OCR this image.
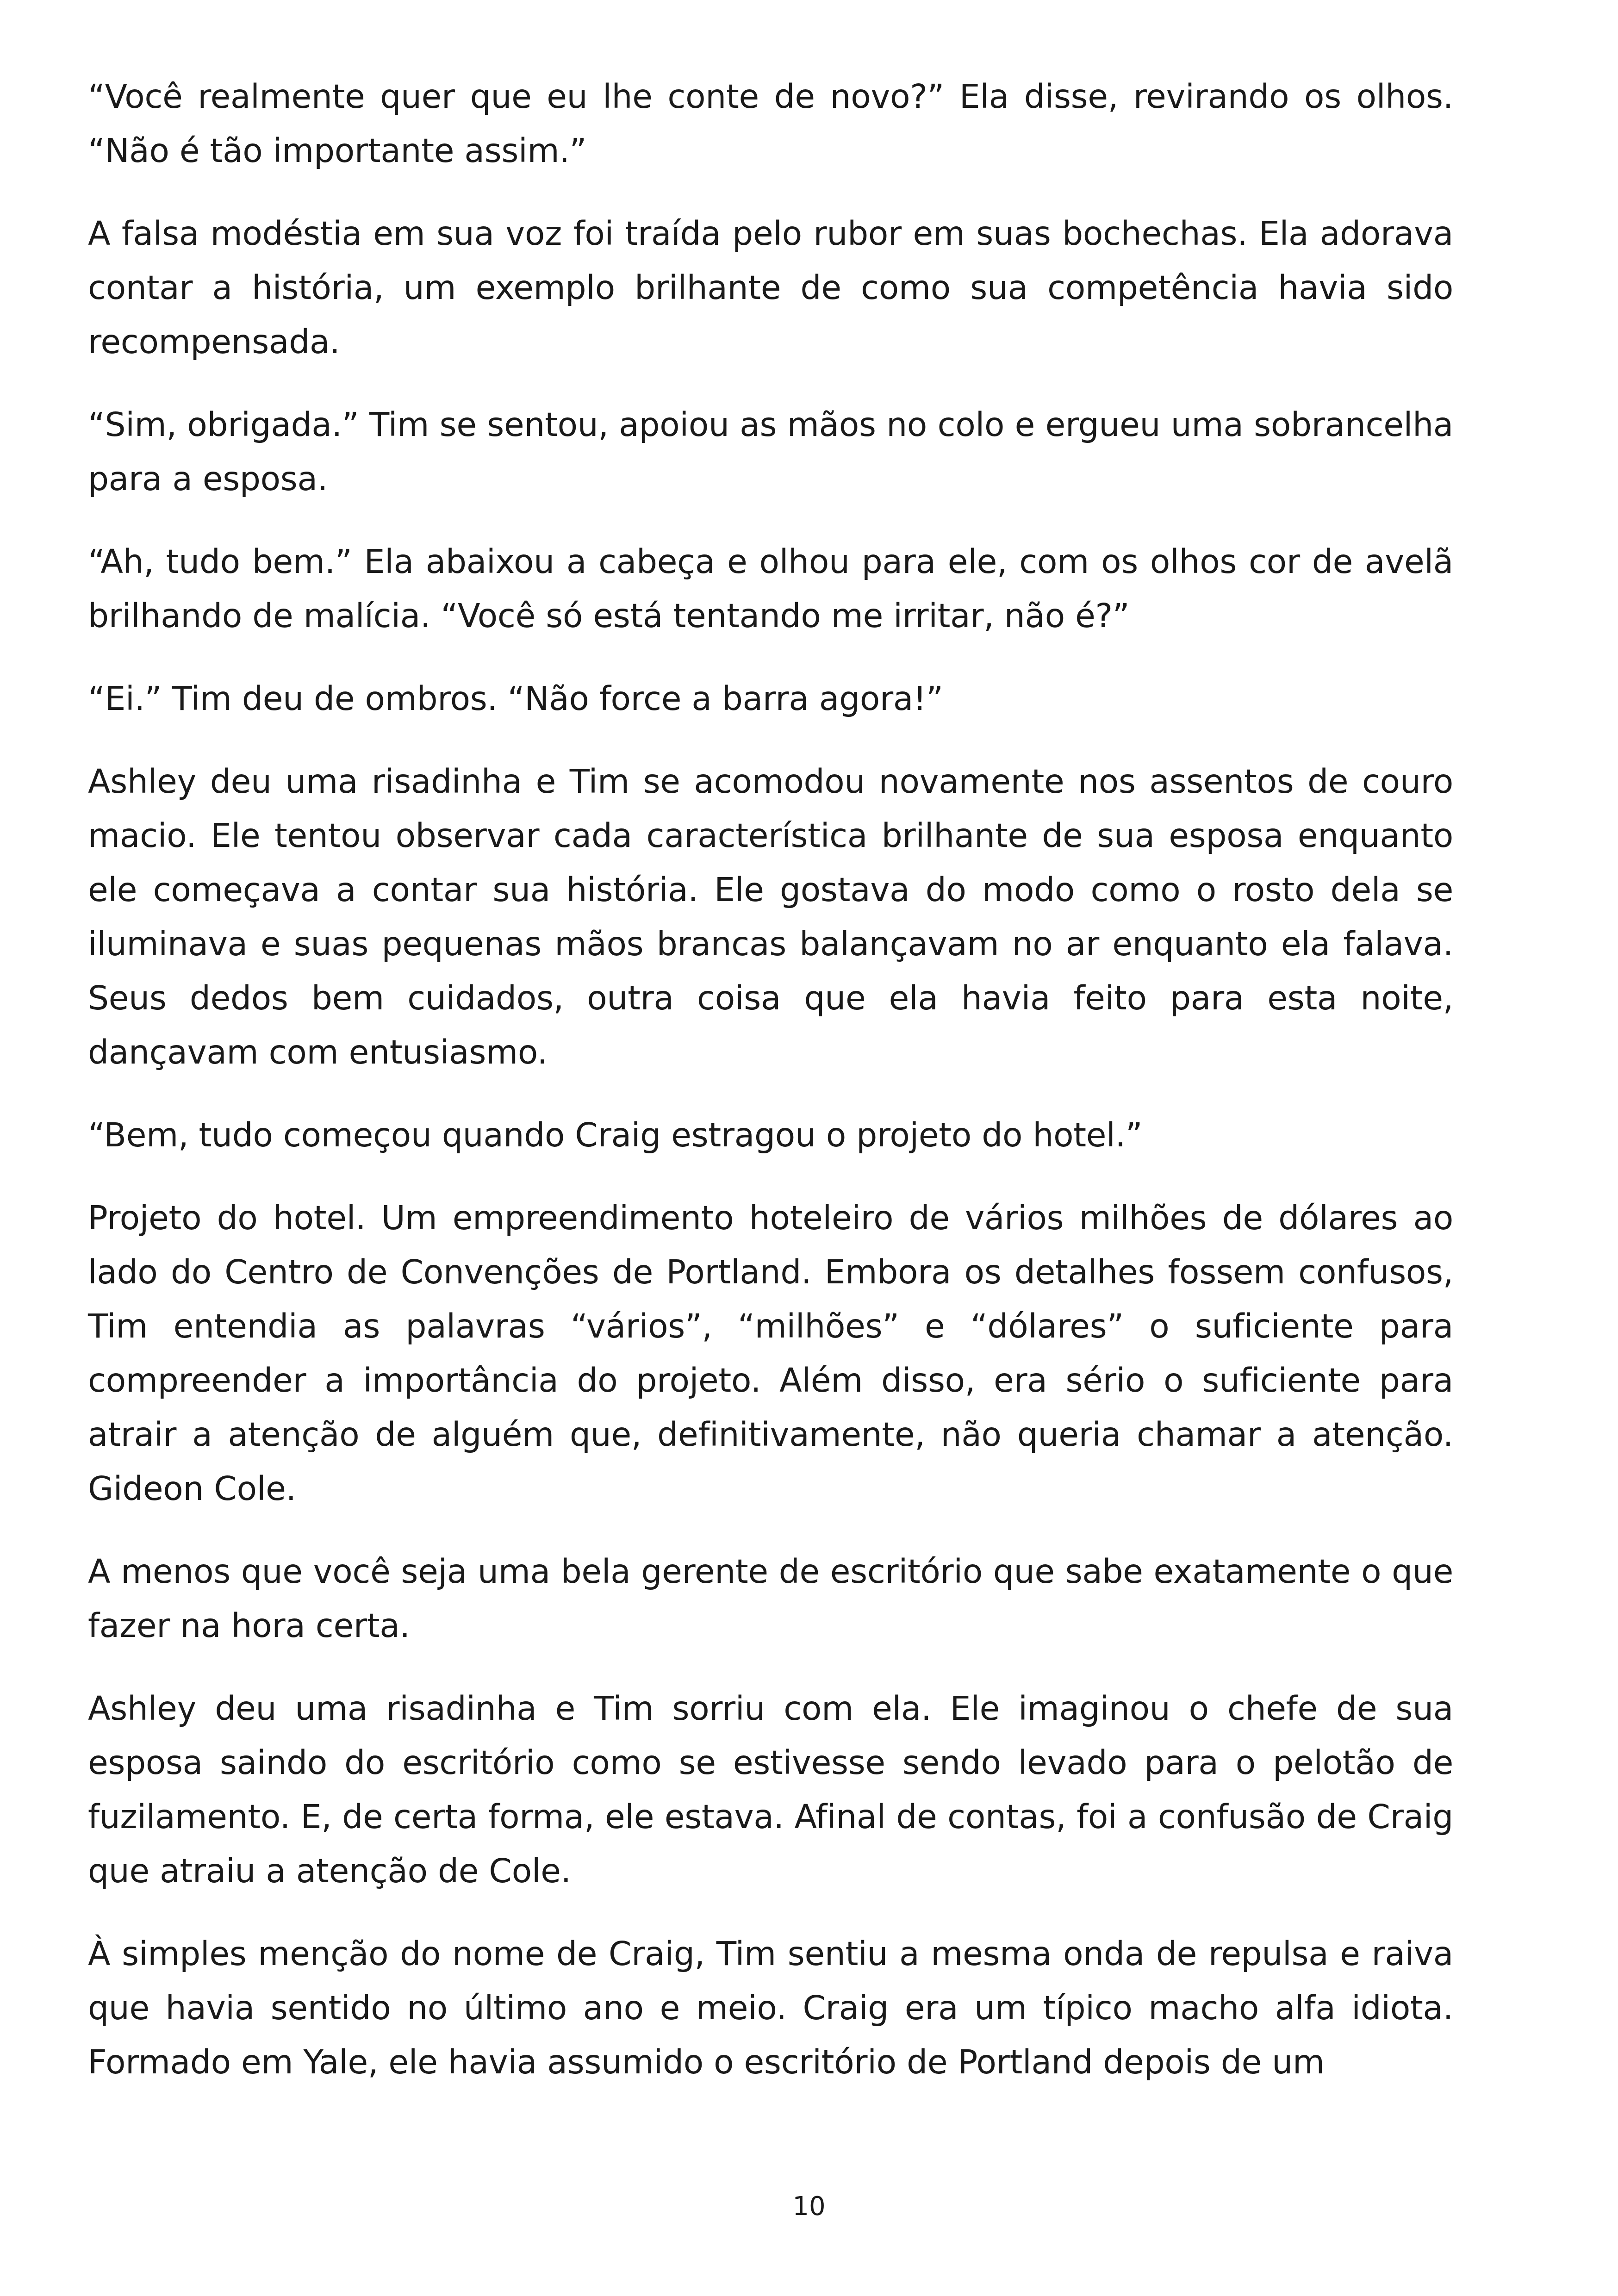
“Você realmente quer que eu lhe conte de novo?” Ela disse, revirando os olhos. “Não é tão importante assim.”

A falsa modéstia em sua voz foi traída pelo rubor em suas bochechas. Ela adorava contar a história, um exemplo brilhante de como sua competência havia sido recompensada.

“Sim, obrigada.” Tim se sentou, apoiou as mãos no colo e ergueu uma sobrancelha para a esposa.

“Ah, tudo bem.” Ela abaixou a cabeça e olhou para ele, com os olhos cor de avelã brilhando de malícia. “Você só está tentando me irritar, não é?”

“Ei.” Tim deu de ombros. “Não force a barra agora!”

Ashley deu uma risadinha e Tim se acomodou novamente nos assentos de couro macio. Ele tentou observar cada característica brilhante de sua esposa enquanto ele começava a contar sua história. Ele gostava do modo como o rosto dela se iluminava e suas pequenas mãos brancas balançavam no ar enquanto ela falava. Seus dedos bem cuidados, outra coisa que ela havia feito para esta noite, dançavam com entusiasmo.

“Bem, tudo começou quando Craig estragou o projeto do hotel.”

Projeto do hotel. Um empreendimento hoteleiro de vários milhões de dólares ao lado do Centro de Convenções de Portland. Embora os detalhes fossem confusos, Tim entendia as palavras “vários”, “milhões” e “dólares” o suficiente para compreender a importância do projeto. Além disso, era sério o suficiente para atrair a atenção de alguém que, definitivamente, não queria chamar a atenção. Gideon Cole.

A menos que você seja uma bela gerente de escritório que sabe exatamente o que fazer na hora certa.

Ashley deu uma risadinha e Tim sorriu com ela. Ele imaginou o chefe de sua esposa saindo do escritório como se estivesse sendo levado para o pelotão de fuzilamento. E, de certa forma, ele estava. Afinal de contas, foi a confusão de Craig que atraiu a atenção de Cole.

À simples menção do nome de Craig, Tim sentiu a mesma onda de repulsa e raiva que havia sentido no último ano e meio. Craig era um típico macho alfa idiota. Formado em Yale, ele havia assumido o escritório de Portland depois de um

10
